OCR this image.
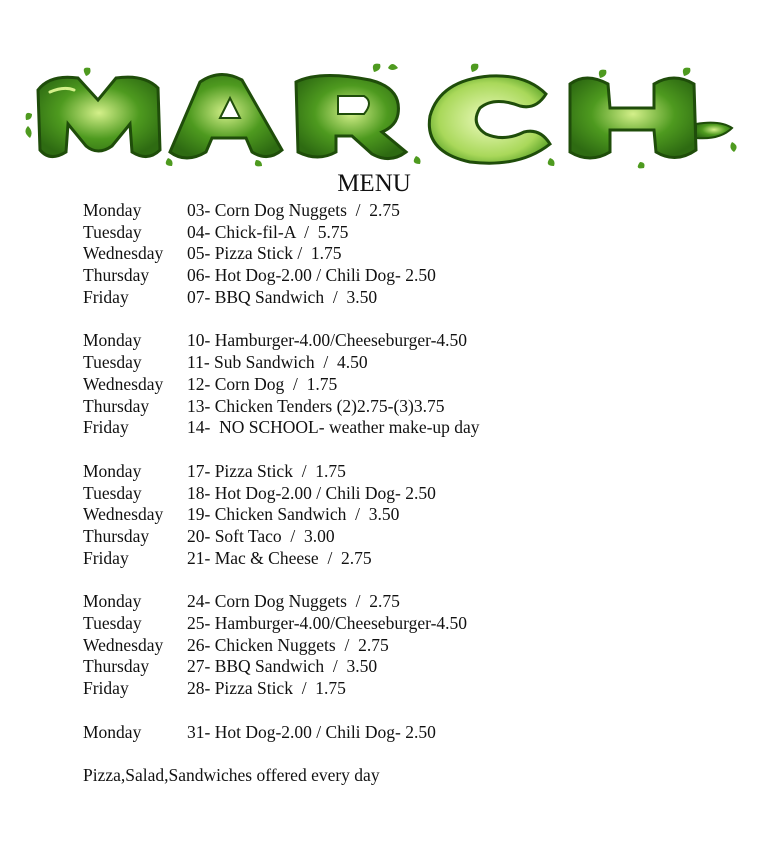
MENU
Monday	03- Corn Dog Nuggets  /  2.75
Tuesday	04- Chick-fil-A  /  5.75
Wednesday 05- Pizza Stick /  1.75
Thursday 06- Hot Dog-2.00 / Chili Dog- 2.50
Friday	07- BBQ Sandwich  /  3.50
Monday	10- Hamburger-4.00/Cheeseburger-4.50
Tuesday	11- Sub Sandwich  /  4.50
Wednesday 12- Corn Dog  /  1.75
Thursday 13- Chicken Tenders (2)2.75-(3)3.75
Friday	14-  NO SCHOOL- weather make-up day
Monday	17- Pizza Stick  /  1.75
Tuesday	18- Hot Dog-2.00 / Chili Dog- 2.50
Wednesday 19- Chicken Sandwich  /  3.50
Thursday 20- Soft Taco  /  3.00
Friday	21- Mac & Cheese  /  2.75
Monday	24- Corn Dog Nuggets  /  2.75
Tuesday	25- Hamburger-4.00/Cheeseburger-4.50
Wednesday 26- Chicken Nuggets  /  2.75
Thursday 27- BBQ Sandwich  /  3.50
Friday	28- Pizza Stick  /  1.75
Monday	31- Hot Dog-2.00 / Chili Dog- 2.50
Pizza,Salad,Sandwiches offered every day
